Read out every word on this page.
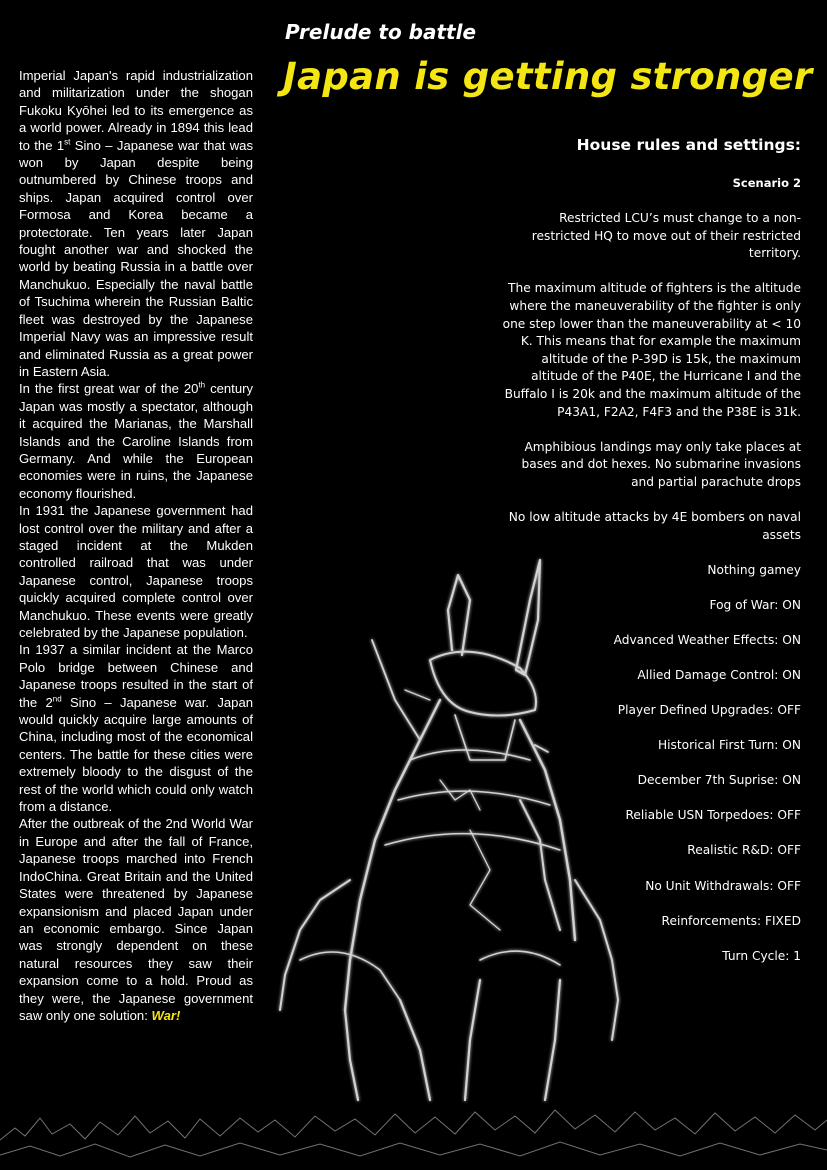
Prelude to battle
Japan is getting stronger

Imperial Japan's rapid industrialization and militarization under the shogan Fukoku Kyōhei led to its emergence as a world power. Already in 1894 this lead to the 1st Sino – Japanese war that was won by Japan despite being outnumbered by Chinese troops and ships. Japan acquired control over Formosa and Korea became a protectorate. Ten years later Japan fought another war and shocked the world by beating Russia in a battle over Manchukuo. Especially the naval battle of Tsuchima wherein the Russian Baltic fleet was destroyed by the Japanese Imperial Navy was an impressive result and eliminated Russia as a great power in Eastern Asia.

In the first great war of the 20th century Japan was mostly a spectator, although it acquired the Marianas, the Marshall Islands and the Caroline Islands from Germany. And while the European economies were in ruins, the Japanese economy flourished.

In 1931 the Japanese government had lost control over the military and after a staged incident at the Mukden controlled railroad that was under Japanese control, Japanese troops quickly acquired complete control over Manchukuo. These events were greatly celebrated by the Japanese population.

In 1937 a similar incident at the Marco Polo bridge between Chinese and Japanese troops resulted in the start of the 2nd Sino – Japanese war. Japan would quickly acquire large amounts of China, including most of the economical centers. The battle for these cities were extremely bloody to the disgust of the rest of the world which could only watch from a distance.

After the outbreak of the 2nd World War in Europe and after the fall of France, Japanese troops marched into French IndoChina. Great Britain and the United States were threatened by Japanese expansionism and placed Japan under an economic embargo. Since Japan was strongly dependent on these natural resources they saw their expansion come to a hold. Proud as they were, the Japanese government saw only one solution: War!

House rules and settings:

Scenario 2

Restricted LCU’s must change to a non-restricted HQ to move out of their restricted territory.

The maximum altitude of fighters is the altitude where the maneuverability of the fighter is only one step lower than the maneuverability at < 10 K. This means that for example the maximum altitude of the P-39D is 15k, the maximum altitude of the P40E, the Hurricane I and the Buffalo I is 20k and the maximum altitude of the P43A1, F2A2, F4F3 and the P38E is 31k.

Amphibious landings may only take places at bases and dot hexes. No submarine invasions and partial parachute drops

No low altitude attacks by 4E bombers on naval assets

Nothing gamey

Fog of War: ON

Advanced Weather Effects: ON

Allied Damage Control: ON

Player Defined Upgrades: OFF

Historical First Turn: ON

December 7th Suprise: ON

Reliable USN Torpedoes: OFF

Realistic R&D: OFF

No Unit Withdrawals: OFF

Reinforcements: FIXED

Turn Cycle: 1
